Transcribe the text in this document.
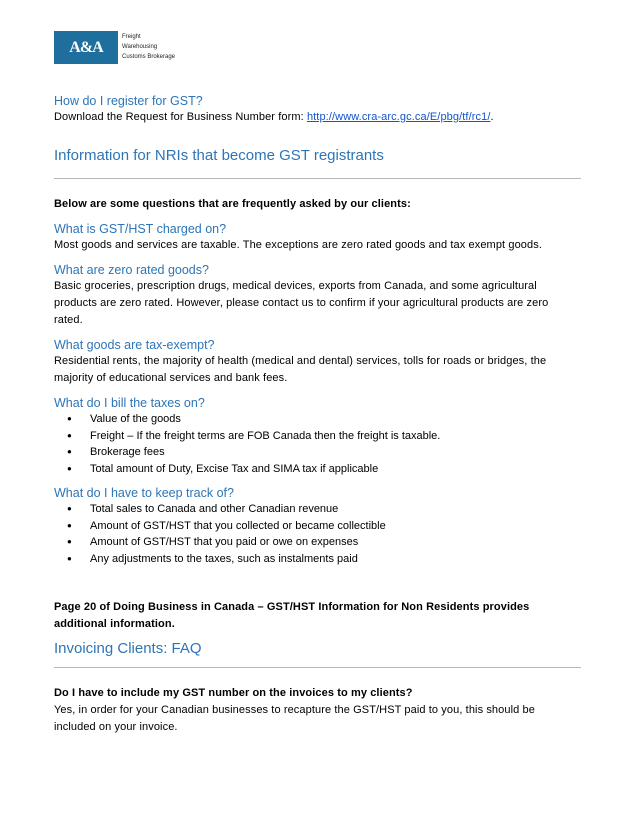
A&A
Freight
Warehousing
Customs Brokerage

How do I register for GST?

Download the Request for Business Number form: http://www.cra-arc.gc.ca/E/pbg/tf/rc1/.

Information for NRIs that become GST registrants

Below are some questions that are frequently asked by our clients:

What is GST/HST charged on?

Most goods and services are taxable. The exceptions are zero rated goods and tax exempt goods.

What are zero rated goods?

Basic groceries, prescription drugs, medical devices, exports from Canada, and some agricultural

products are zero rated. However, please contact us to confirm if your agricultural products are zero

rated.

What goods are tax-exempt?

Residential rents, the majority of health (medical and dental) services, tolls for roads or bridges, the

majority of educational services and bank fees.

What do I bill the taxes on?

● Value of the goods
● Freight – If the freight terms are FOB Canada then the freight is taxable.
● Brokerage fees
● Total amount of Duty, Excise Tax and SIMA tax if applicable

What do I have to keep track of?

● Total sales to Canada and other Canadian revenue
● Amount of GST/HST that you collected or became collectible
● Amount of GST/HST that you paid or owe on expenses
● Any adjustments to the taxes, such as instalments paid

Page 20 of Doing Business in Canada – GST/HST Information for Non Residents provides

additional information.

Invoicing Clients: FAQ

Do I have to include my GST number on the invoices to my clients?

Yes, in order for your Canadian businesses to recapture the GST/HST paid to you, this should be

included on your invoice.
